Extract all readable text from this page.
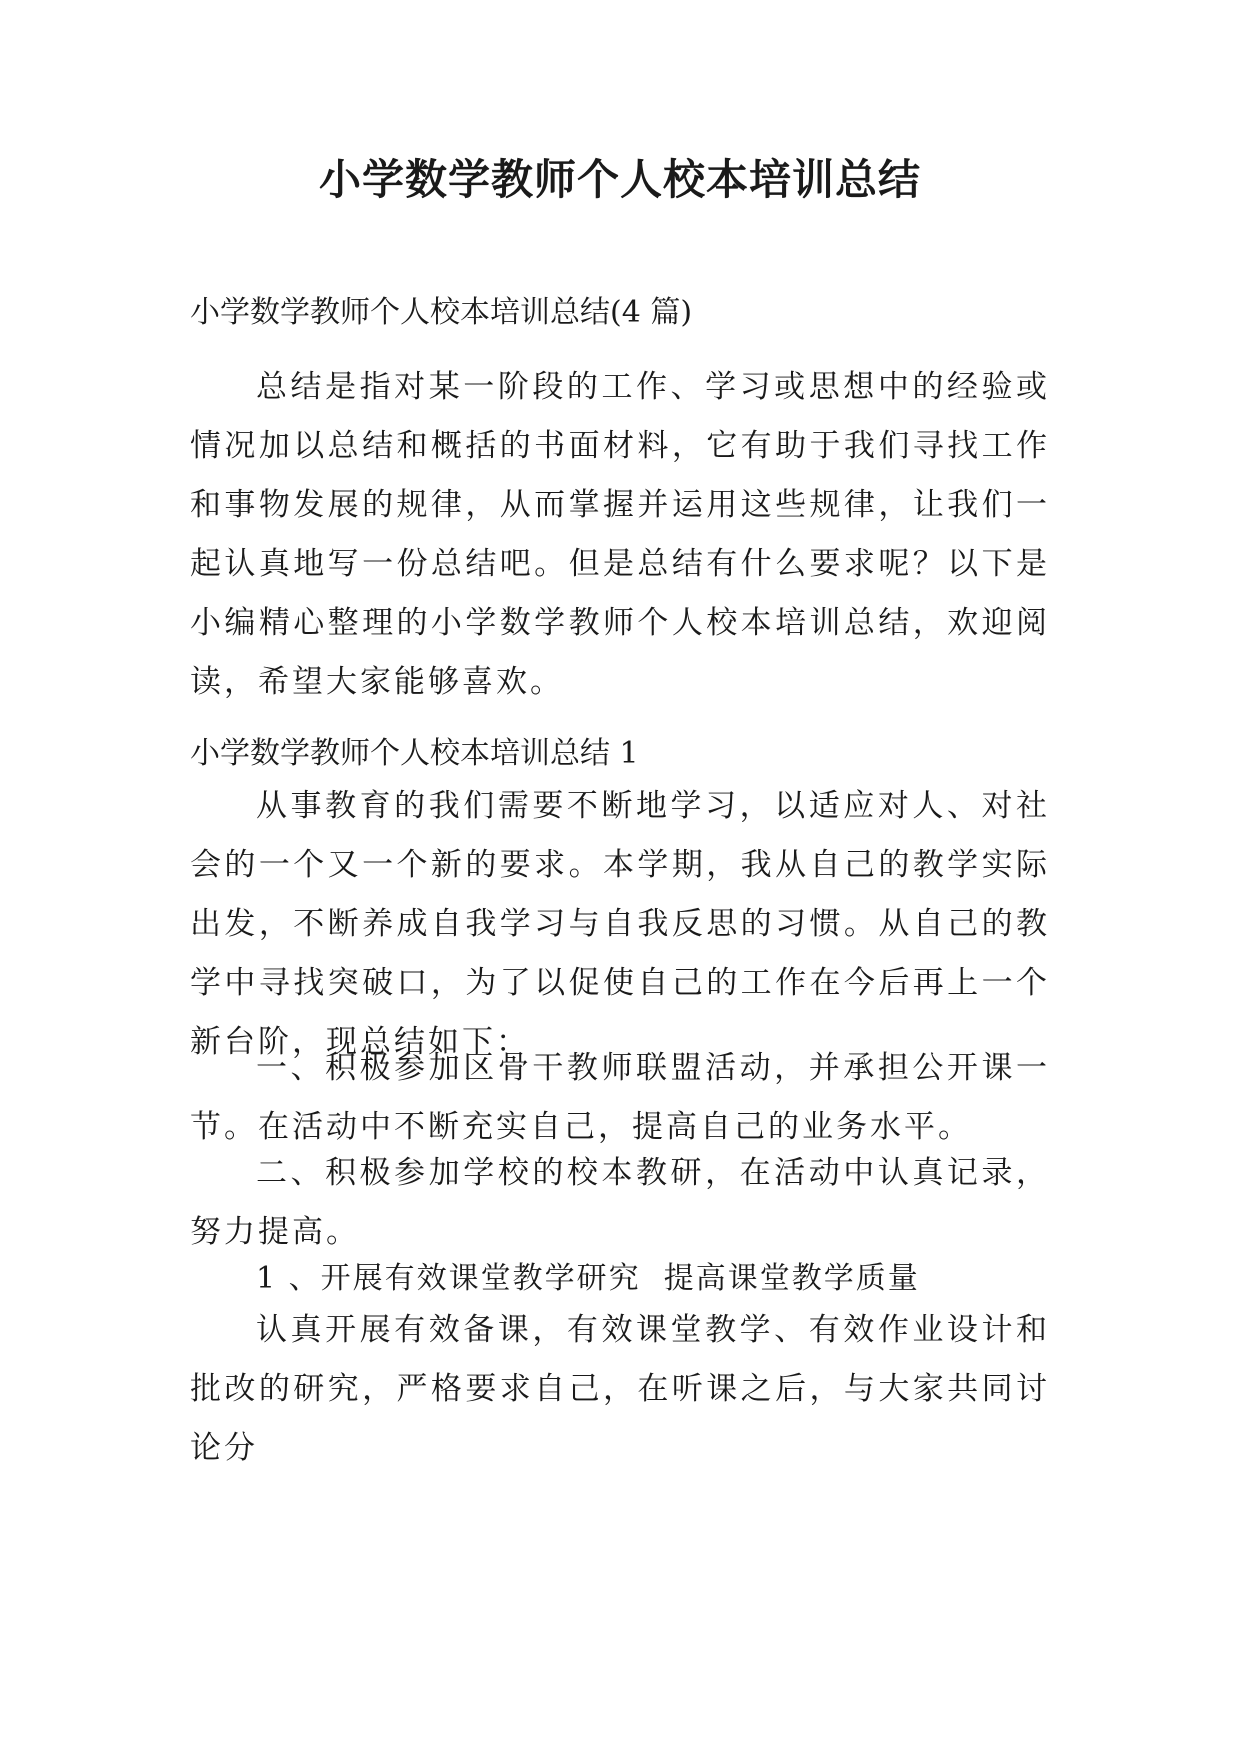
小学数学教师个人校本培训总结

小学数学教师个人校本培训总结(4 篇)

总结是指对某一阶段的工作、学习或思想中的经验或情况加以总结和概括的书面材料，它有助于我们寻找工作和事物发展的规律，从而掌握并运用这些规律，让我们一起认真地写一份总结吧。但是总结有什么要求呢？以下是小编精心整理的小学数学教师个人校本培训总结，欢迎阅读，希望大家能够喜欢。

小学数学教师个人校本培训总结 1

从事教育的我们需要不断地学习，以适应对人、对社会的一个又一个新的要求。本学期，我从自己的教学实际出发，不断养成自我学习与自我反思的习惯。从自己的教学中寻找突破口，为了以促使自己的工作在今后再上一个新台阶，现总结如下：

一、积极参加区骨干教师联盟活动，并承担公开课一节。在活动中不断充实自己，提高自己的业务水平。

二、积极参加学校的校本教研，在活动中认真记录，努力提高。

1 、开展有效课堂教学研究  提高课堂教学质量

认真开展有效备课，有效课堂教学、有效作业设计和批改的研究，严格要求自己，在听课之后，与大家共同讨论分
